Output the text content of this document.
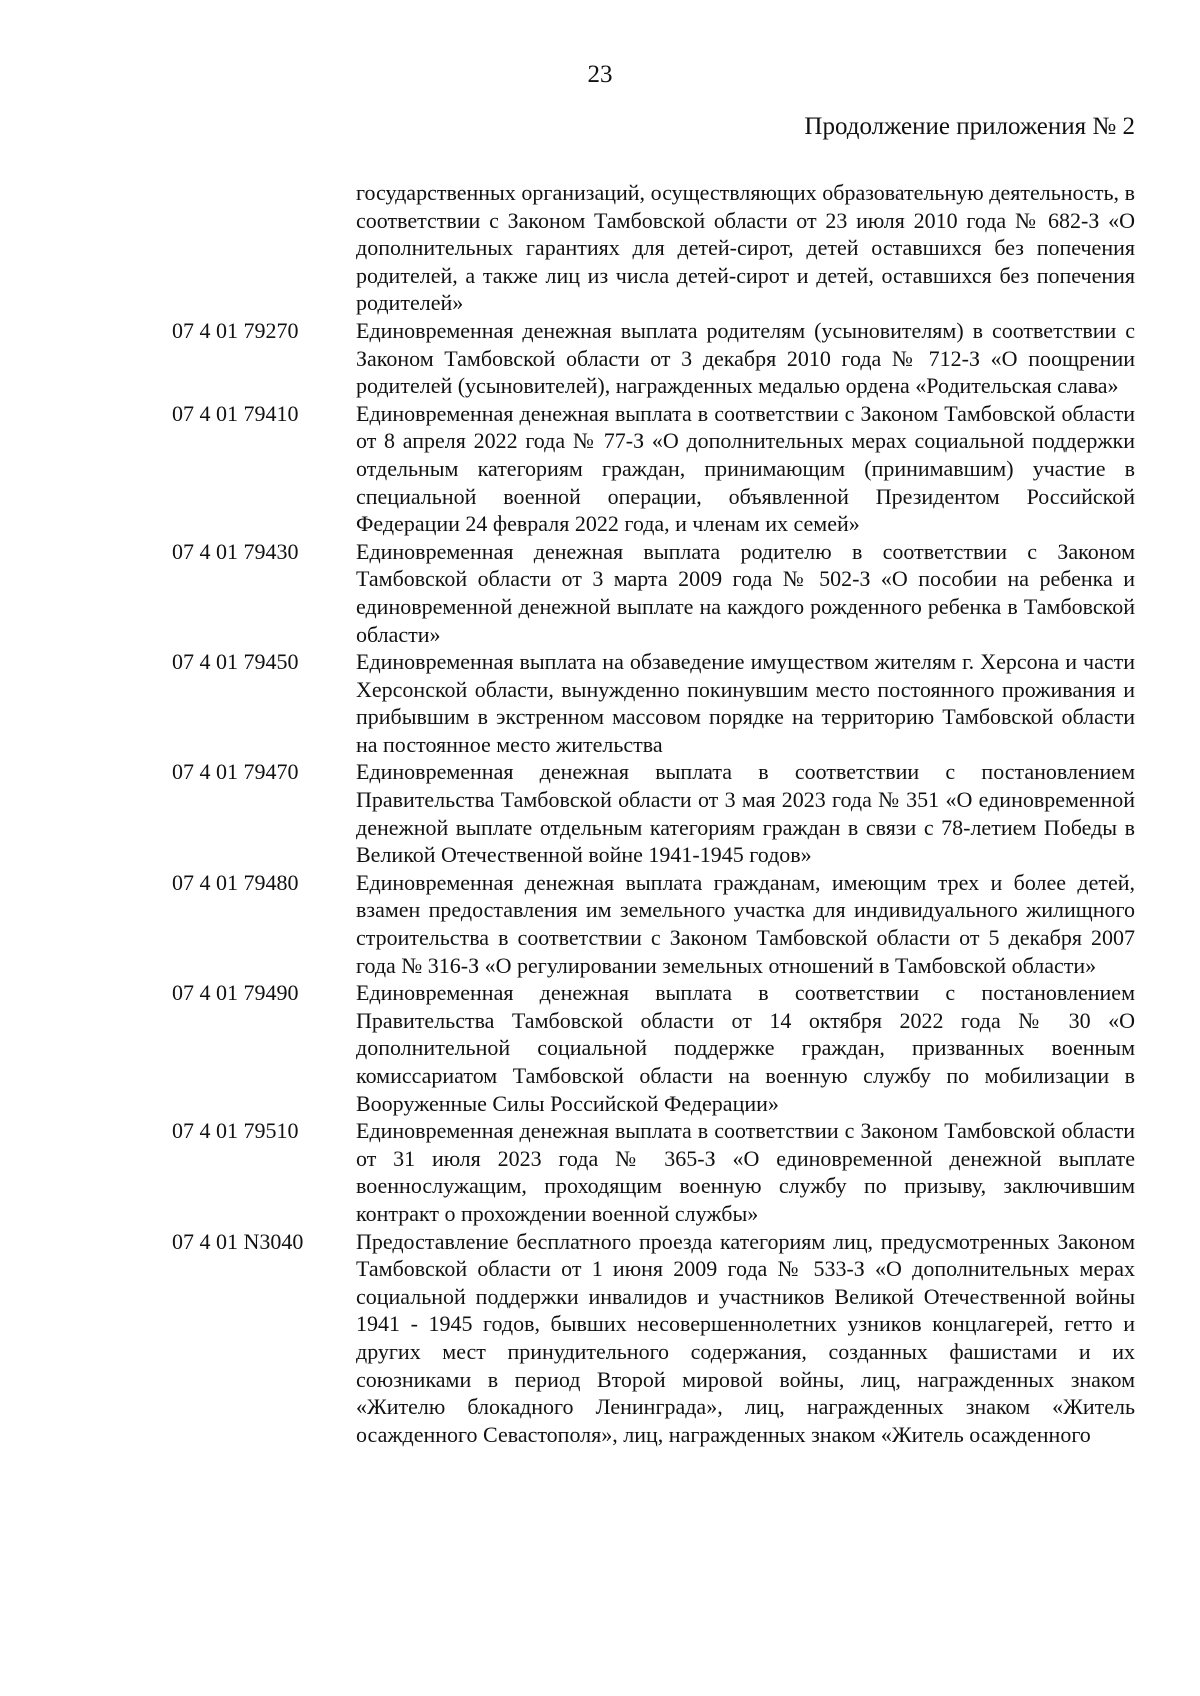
23
Продолжение приложения № 2
государственных организаций, осуществляющих образовательную деятельность, в соответствии с Законом Тамбовской области от 23 июля 2010 года № 682-З «О дополнительных гарантиях для детей-сирот, детей оставшихся без попечения родителей, а также лиц из числа детей-сирот и детей, оставшихся без попечения родителей»
07 4 01 79270	Единовременная денежная выплата родителям (усыновителям) в соответствии с Законом Тамбовской области от 3 декабря 2010 года № 712-З «О поощрении родителей (усыновителей), награжденных медалью ордена «Родительская слава»
07 4 01 79410	Единовременная денежная выплата в соответствии с Законом Тамбовской области от 8 апреля 2022 года № 77-З «О дополнительных мерах социальной поддержки отдельным категориям граждан, принимающим (принимавшим) участие в специальной военной операции, объявленной Президентом Российской Федерации 24 февраля 2022 года, и членам их семей»
07 4 01 79430	Единовременная денежная выплата родителю в соответствии с Законом Тамбовской области от 3 марта 2009 года № 502-З «О пособии на ребенка и единовременной денежной выплате на каждого рожденного ребенка в Тамбовской области»
07 4 01 79450	Единовременная выплата на обзаведение имуществом жителям г. Херсона и части Херсонской области, вынужденно покинувшим место постоянного проживания и прибывшим в экстренном массовом порядке на территорию Тамбовской области на постоянное место жительства
07 4 01 79470	Единовременная денежная выплата в соответствии с постановлением Правительства Тамбовской области от 3 мая 2023 года № 351 «О единовременной денежной выплате отдельным категориям граждан в связи с 78-летием Победы в Великой Отечественной войне 1941-1945 годов»
07 4 01 79480	Единовременная денежная выплата гражданам, имеющим трех и более детей, взамен предоставления им земельного участка для индивидуального жилищного строительства в соответствии с Законом Тамбовской области от 5 декабря 2007 года № 316-З «О регулировании земельных отношений в Тамбовской области»
07 4 01 79490	Единовременная денежная выплата в соответствии с постановлением Правительства Тамбовской области от 14 октября 2022 года № 30 «О дополнительной социальной поддержке граждан, призванных военным комиссариатом Тамбовской области на военную службу по мобилизации в Вооруженные Силы Российской Федерации»
07 4 01 79510	Единовременная денежная выплата в соответствии с Законом Тамбовской области от 31 июля 2023 года № 365-З «О единовременной денежной выплате военнослужащим, проходящим военную службу по призыву, заключившим контракт о прохождении военной службы»
07 4 01 N3040	Предоставление бесплатного проезда категориям лиц, предусмотренных Законом Тамбовской области от 1 июня 2009 года № 533-З «О дополнительных мерах социальной поддержки инвалидов и участников Великой Отечественной войны 1941 - 1945 годов, бывших несовершеннолетних узников концлагерей, гетто и других мест принудительного содержания, созданных фашистами и их союзниками в период Второй мировой войны, лиц, награжденных знаком «Жителю блокадного Ленинграда», лиц, награжденных знаком «Житель осажденного Севастополя», лиц, награжденных знаком «Житель осажденного
